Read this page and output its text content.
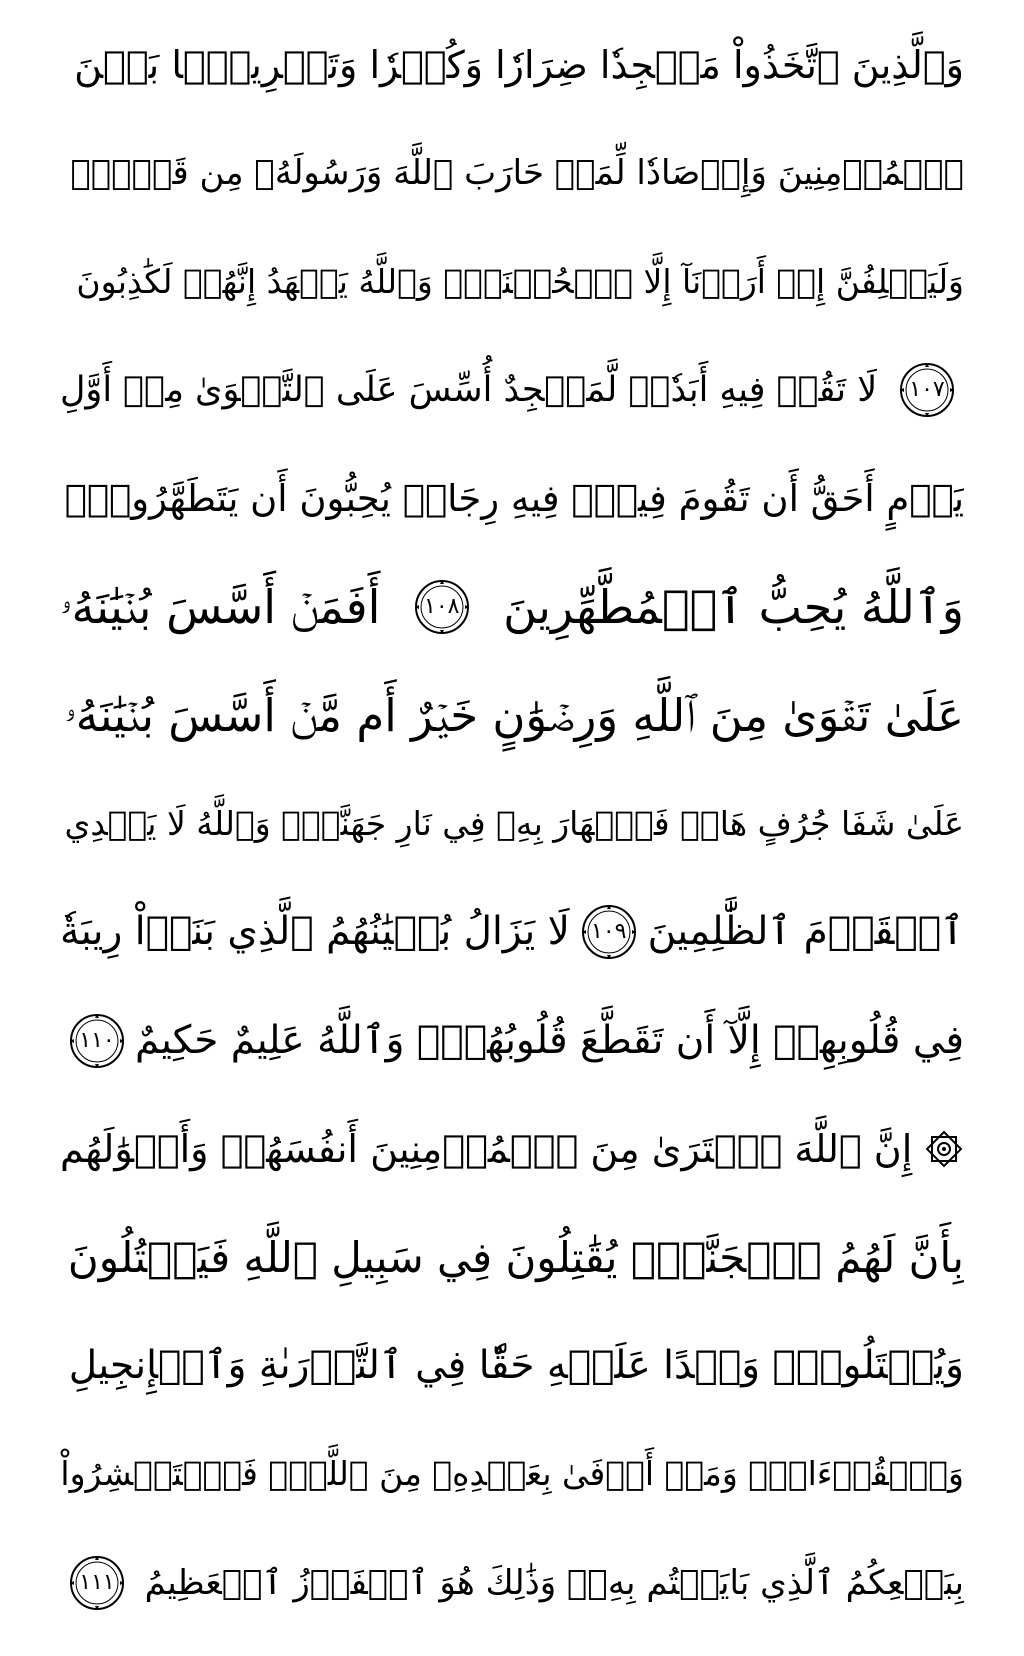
وَٱلَّذِينَ ٱتَّخَذُواْ مَسۡجِدٗا ضِرَارٗا وَكُفۡرٗا وَتَفۡرِيقَۢا بَيۡنَ
ٱلۡمُؤۡمِنِينَ وَإِرۡصَادٗا لِّمَنۡ حَارَبَ ٱللَّهَ وَرَسُولَهُۥ مِن قَبۡلُۚ
وَلَيَحۡلِفُنَّ إِنۡ أَرَدۡنَآ إِلَّا ٱلۡحُسۡنَىٰۖ وَٱللَّهُ يَشۡهَدُ إِنَّهُمۡ لَكَٰذِبُونَ
١٠٧
لَا تَقُمۡ فِيهِ أَبَدٗاۚ لَّمَسۡجِدٌ أُسِّسَ عَلَى ٱلتَّقۡوَىٰ مِنۡ أَوَّلِ
يَوۡمٍ أَحَقُّ أَن تَقُومَ فِيهِۚ فِيهِ رِجَالٞ يُحِبُّونَ أَن يَتَطَهَّرُواْۚ
وَٱللَّهُ يُحِبُّ ٱلۡمُطَّهِّرِينَ
١٠٨
أَفَمَنۡ أَسَّسَ بُنۡيَٰنَهُۥ
عَلَىٰ تَقۡوَىٰ مِنَ ٱللَّهِ وَرِضۡوَٰنٍ خَيۡرٌ أَم مَّنۡ أَسَّسَ بُنۡيَٰنَهُۥ
عَلَىٰ شَفَا جُرُفٍ هَارٖ فَٱنۡهَارَ بِهِۦ فِي نَارِ جَهَنَّمَۗ وَٱللَّهُ لَا يَهۡدِي
ٱلۡقَوۡمَ ٱلظَّٰلِمِينَ
١٠٩
لَا يَزَالُ بُنۡيَٰنُهُمُ ٱلَّذِي بَنَوۡاْ رِيبَةٗ
فِي قُلُوبِهِمۡ إِلَّآ أَن تَقَطَّعَ قُلُوبُهُمۡۗ وَٱللَّهُ عَلِيمٌ حَكِيمٌ
١١٠
إِنَّ ٱللَّهَ ٱشۡتَرَىٰ مِنَ ٱلۡمُؤۡمِنِينَ أَنفُسَهُمۡ وَأَمۡوَٰلَهُم
بِأَنَّ لَهُمُ ٱلۡجَنَّةَۚ يُقَٰتِلُونَ فِي سَبِيلِ ٱللَّهِ فَيَقۡتُلُونَ
وَيُقۡتَلُونَۖ وَعۡدًا عَلَيۡهِ حَقّٗا فِي ٱلتَّوۡرَىٰةِ وَٱلۡإِنجِيلِ
وَٱلۡقُرۡءَانِۚ وَمَنۡ أَوۡفَىٰ بِعَهۡدِهِۦ مِنَ ٱللَّهِۚ فَٱسۡتَبۡشِرُواْ
بِبَيۡعِكُمُ ٱلَّذِي بَايَعۡتُم بِهِۦۚ وَذَٰلِكَ هُوَ ٱلۡفَوۡزُ ٱلۡعَظِيمُ
١١١
